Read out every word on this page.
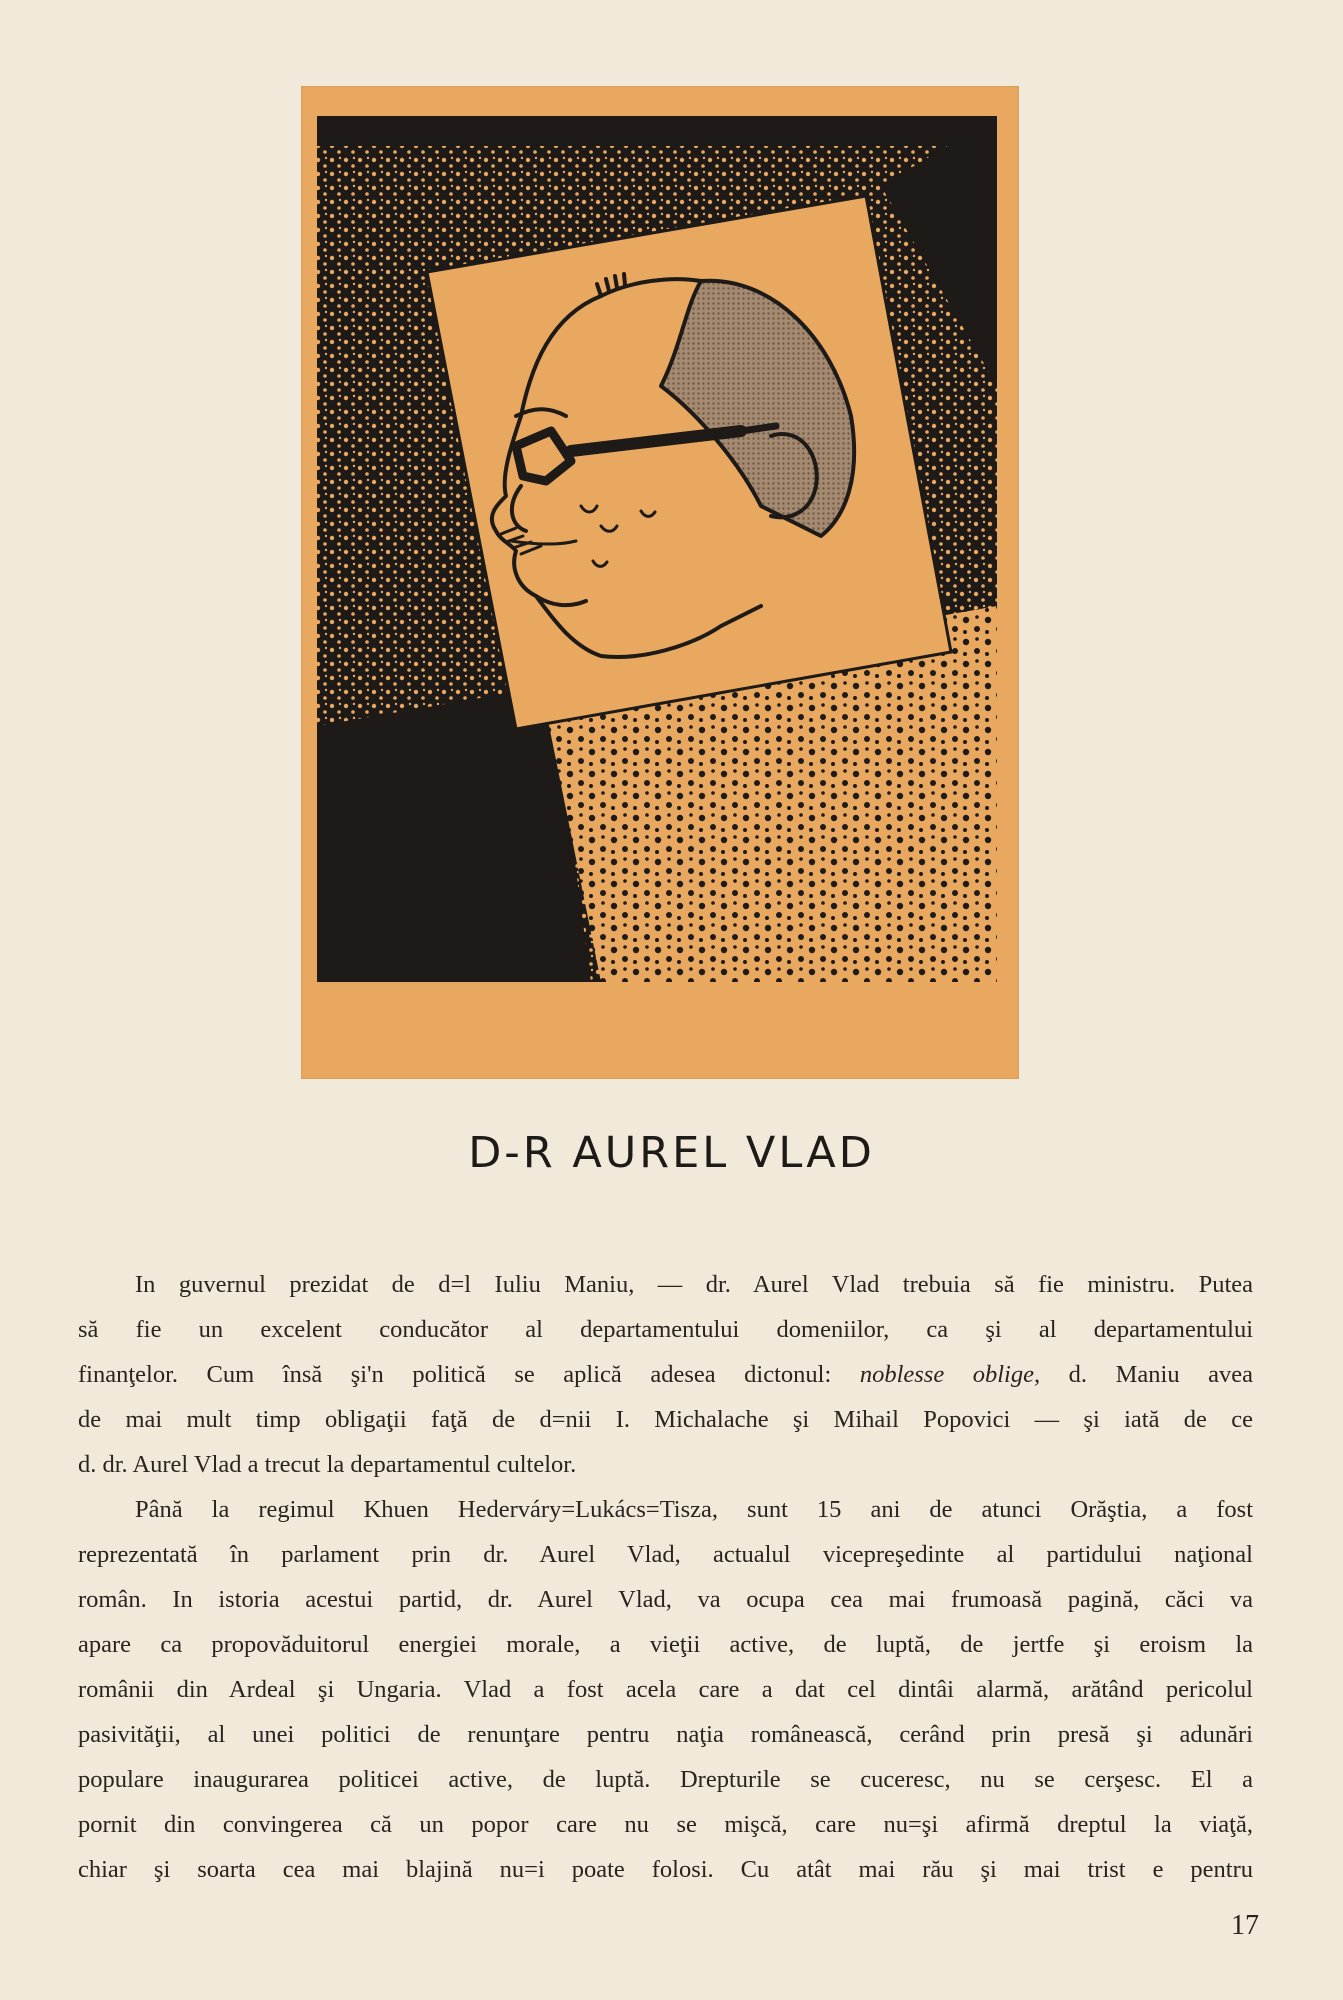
D-R AUREL VLAD

In guvernul prezidat de d=l Iuliu Maniu, — dr. Aurel Vlad trebuia să fie ministru. Putea

să fie un excelent conducător al departamentului domeniilor, ca şi al departamentului
finanţelor. Cum însă şi'n politică se aplică adesea dictonul: noblesse oblige, d. Maniu avea
de mai mult timp obligaţii faţă de d=nii I. Michalache şi Mihail Popovici — şi iată de ce
d. dr. Aurel Vlad a trecut la departamentul cultelor.

Până la regimul Khuen Hederváry=Lukács=Tisza, sunt 15 ani de atunci Orăştia, a fost

reprezentată în parlament prin dr. Aurel Vlad, actualul vicepreşedinte al partidului naţional
român. In istoria acestui partid, dr. Aurel Vlad, va ocupa cea mai frumoasă pagină, căci va
apare ca propovăduitorul energiei morale, a vieţii active, de luptă, de jertfe şi eroism la
românii din Ardeal şi Ungaria. Vlad a fost acela care a dat cel dintâi alarmă, arătând pericolul
pasivităţii, al unei politici de renunţare pentru naţia românească, cerând prin presă şi adunări
populare inaugurarea politicei active, de luptă. Drepturile se cuceresc, nu se cerşesc. El a
pornit din convingerea că un popor care nu se mişcă, care nu=şi afirmă dreptul la viaţă,
chiar şi soarta cea mai blajină nu=i poate folosi. Cu atât mai rău şi mai trist e pentru
17
